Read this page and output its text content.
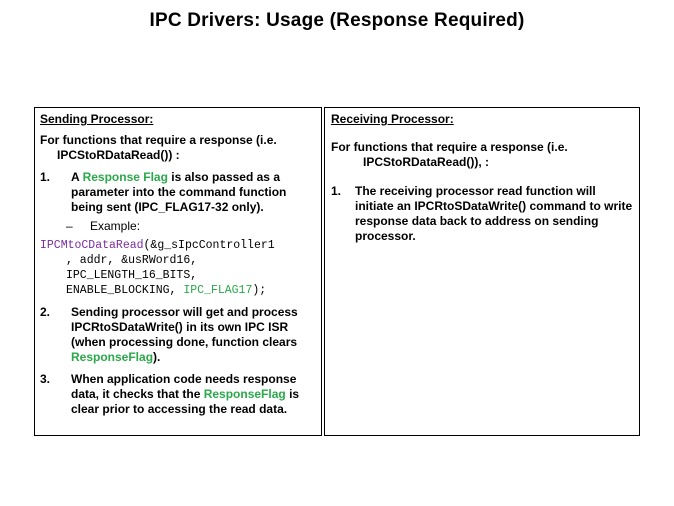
IPC Drivers: Usage (Response Required)
Sending Processor:
For functions that require a response (i.e.
IPCStoRDataRead()) :
1.	A Response Flag is also passed as a parameter into the command function being sent (IPC_FLAG17-32 only).
–	Example:
IPCMtoCDataRead(&g_sIpcController1
, addr, &usRWord16,
IPC_LENGTH_16_BITS,
ENABLE_BLOCKING, IPC_FLAG17);
2.	Sending processor will get and process IPCRtoSDataWrite() in its own IPC ISR (when processing done, function clears ResponseFlag).
3.	When application code needs response data, it checks that the ResponseFlag is clear prior to accessing the read data.
Receiving Processor:
For functions that require a response (i.e.
IPCStoRDataRead()), :
1.	The receiving processor read function will initiate an IPCRtoSDataWrite() command to write response data back to address on sending processor.
